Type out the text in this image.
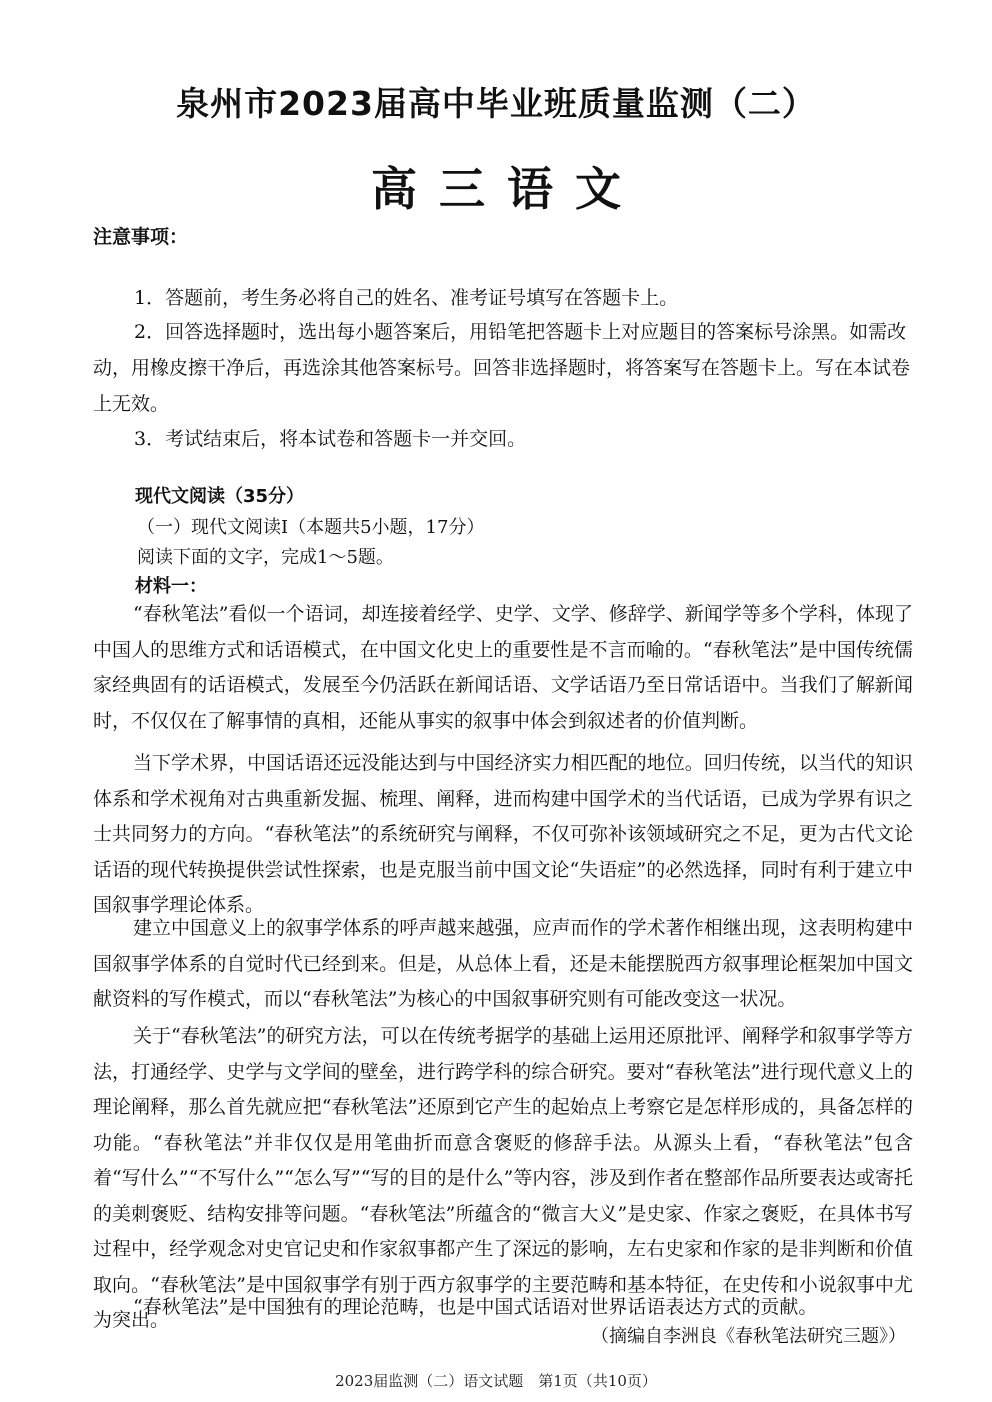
泉州市2023届高中毕业班质量监测（二）
高三语文
注意事项：
1．答题前，考生务必将自己的姓名、准考证号填写在答题卡上。
2．回答选择题时，选出每小题答案后，用铅笔把答题卡上对应题目的答案标号涂黑。如需改动，用橡皮擦干净后，再选涂其他答案标号。回答非选择题时，将答案写在答题卡上。写在本试卷上无效。
3．考试结束后，将本试卷和答题卡一并交回。
现代文阅读（35分）
（一）现代文阅读Ⅰ（本题共5小题，17分）
阅读下面的文字，完成1～5题。
材料一：
“春秋笔法”看似一个语词，却连接着经学、史学、文学、修辞学、新闻学等多个学科，体现了中国人的思维方式和话语模式，在中国文化史上的重要性是不言而喻的。“春秋笔法”是中国传统儒家经典固有的话语模式，发展至今仍活跃在新闻话语、文学话语乃至日常话语中。当我们了解新闻时，不仅仅在了解事情的真相，还能从事实的叙事中体会到叙述者的价值判断。
当下学术界，中国话语还远没能达到与中国经济实力相匹配的地位。回归传统，以当代的知识体系和学术视角对古典重新发掘、梳理、阐释，进而构建中国学术的当代话语，已成为学界有识之士共同努力的方向。“春秋笔法”的系统研究与阐释，不仅可弥补该领域研究之不足，更为古代文论话语的现代转换提供尝试性探索，也是克服当前中国文论“失语症”的必然选择，同时有利于建立中国叙事学理论体系。
建立中国意义上的叙事学体系的呼声越来越强，应声而作的学术著作相继出现，这表明构建中国叙事学体系的自觉时代已经到来。但是，从总体上看，还是未能摆脱西方叙事理论框架加中国文献资料的写作模式，而以“春秋笔法”为核心的中国叙事研究则有可能改变这一状况。
关于“春秋笔法”的研究方法，可以在传统考据学的基础上运用还原批评、阐释学和叙事学等方法，打通经学、史学与文学间的壁垒，进行跨学科的综合研究。要对“春秋笔法”进行现代意义上的理论阐释，那么首先就应把“春秋笔法”还原到它产生的起始点上考察它是怎样形成的，具备怎样的功能。“春秋笔法”并非仅仅是用笔曲折而意含褒贬的修辞手法。从源头上看，“春秋笔法”包含着“写什么”“不写什么”“怎么写”“写的目的是什么”等内容，涉及到作者在整部作品所要表达或寄托的美刺褒贬、结构安排等问题。“春秋笔法”所蕴含的“微言大义”是史家、作家之褒贬，在具体书写过程中，经学观念对史官记史和作家叙事都产生了深远的影响，左右史家和作家的是非判断和价值取向。“春秋笔法”是中国叙事学有别于西方叙事学的主要范畴和基本特征，在史传和小说叙事中尤为突出。
“春秋笔法”是中国独有的理论范畴，也是中国式话语对世界话语表达方式的贡献。
（摘编自李洲良《春秋笔法研究三题》）
2023届监测（二）语文试题　第1页（共10页）
